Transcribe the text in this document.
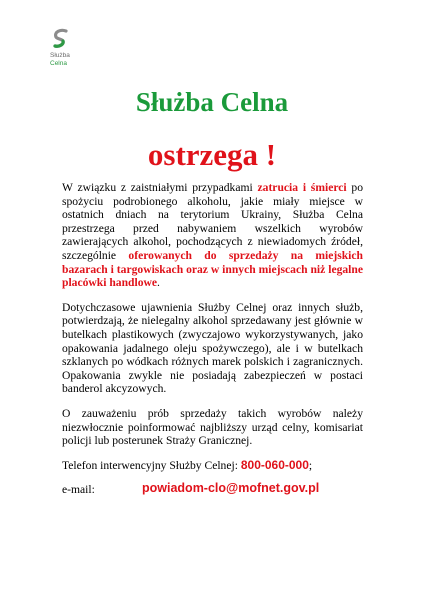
Służba
Celna
Służba Celna
ostrzega !

W związku z zaistniałymi przypadkami zatrucia i śmierci po spożyciu podrobionego alkoholu, jakie miały miejsce w ostatnich dniach na terytorium Ukrainy, Służba Celna przestrzega przed nabywaniem wszelkich wyrobów zawierających alkohol, pochodzących z niewiadomych źródeł, szczególnie oferowanych do sprzedaży na miejskich bazarach i targowiskach oraz w innych miejscach niż legalne placówki handlowe.

Dotychczasowe ujawnienia Służby Celnej oraz innych służb, potwierdzają, że nielegalny alkohol sprzedawany jest głównie w butelkach plastikowych (zwyczajowo wykorzystywanych, jako opakowania jadalnego oleju spożywczego), ale i w butelkach szklanych po wódkach różnych marek polskich i zagranicznych. Opakowania zwykle nie posiadają zabezpieczeń w postaci banderol akcyzowych.

O zauważeniu prób sprzedaży takich wyrobów należy niezwłocznie poinformować najbliższy urząd celny, komisariat policji lub posterunek Straży Granicznej.

Telefon interwencyjny Służby Celnej: 800-060-000;

e-mail:	powiadom-clo@mofnet.gov.pl
